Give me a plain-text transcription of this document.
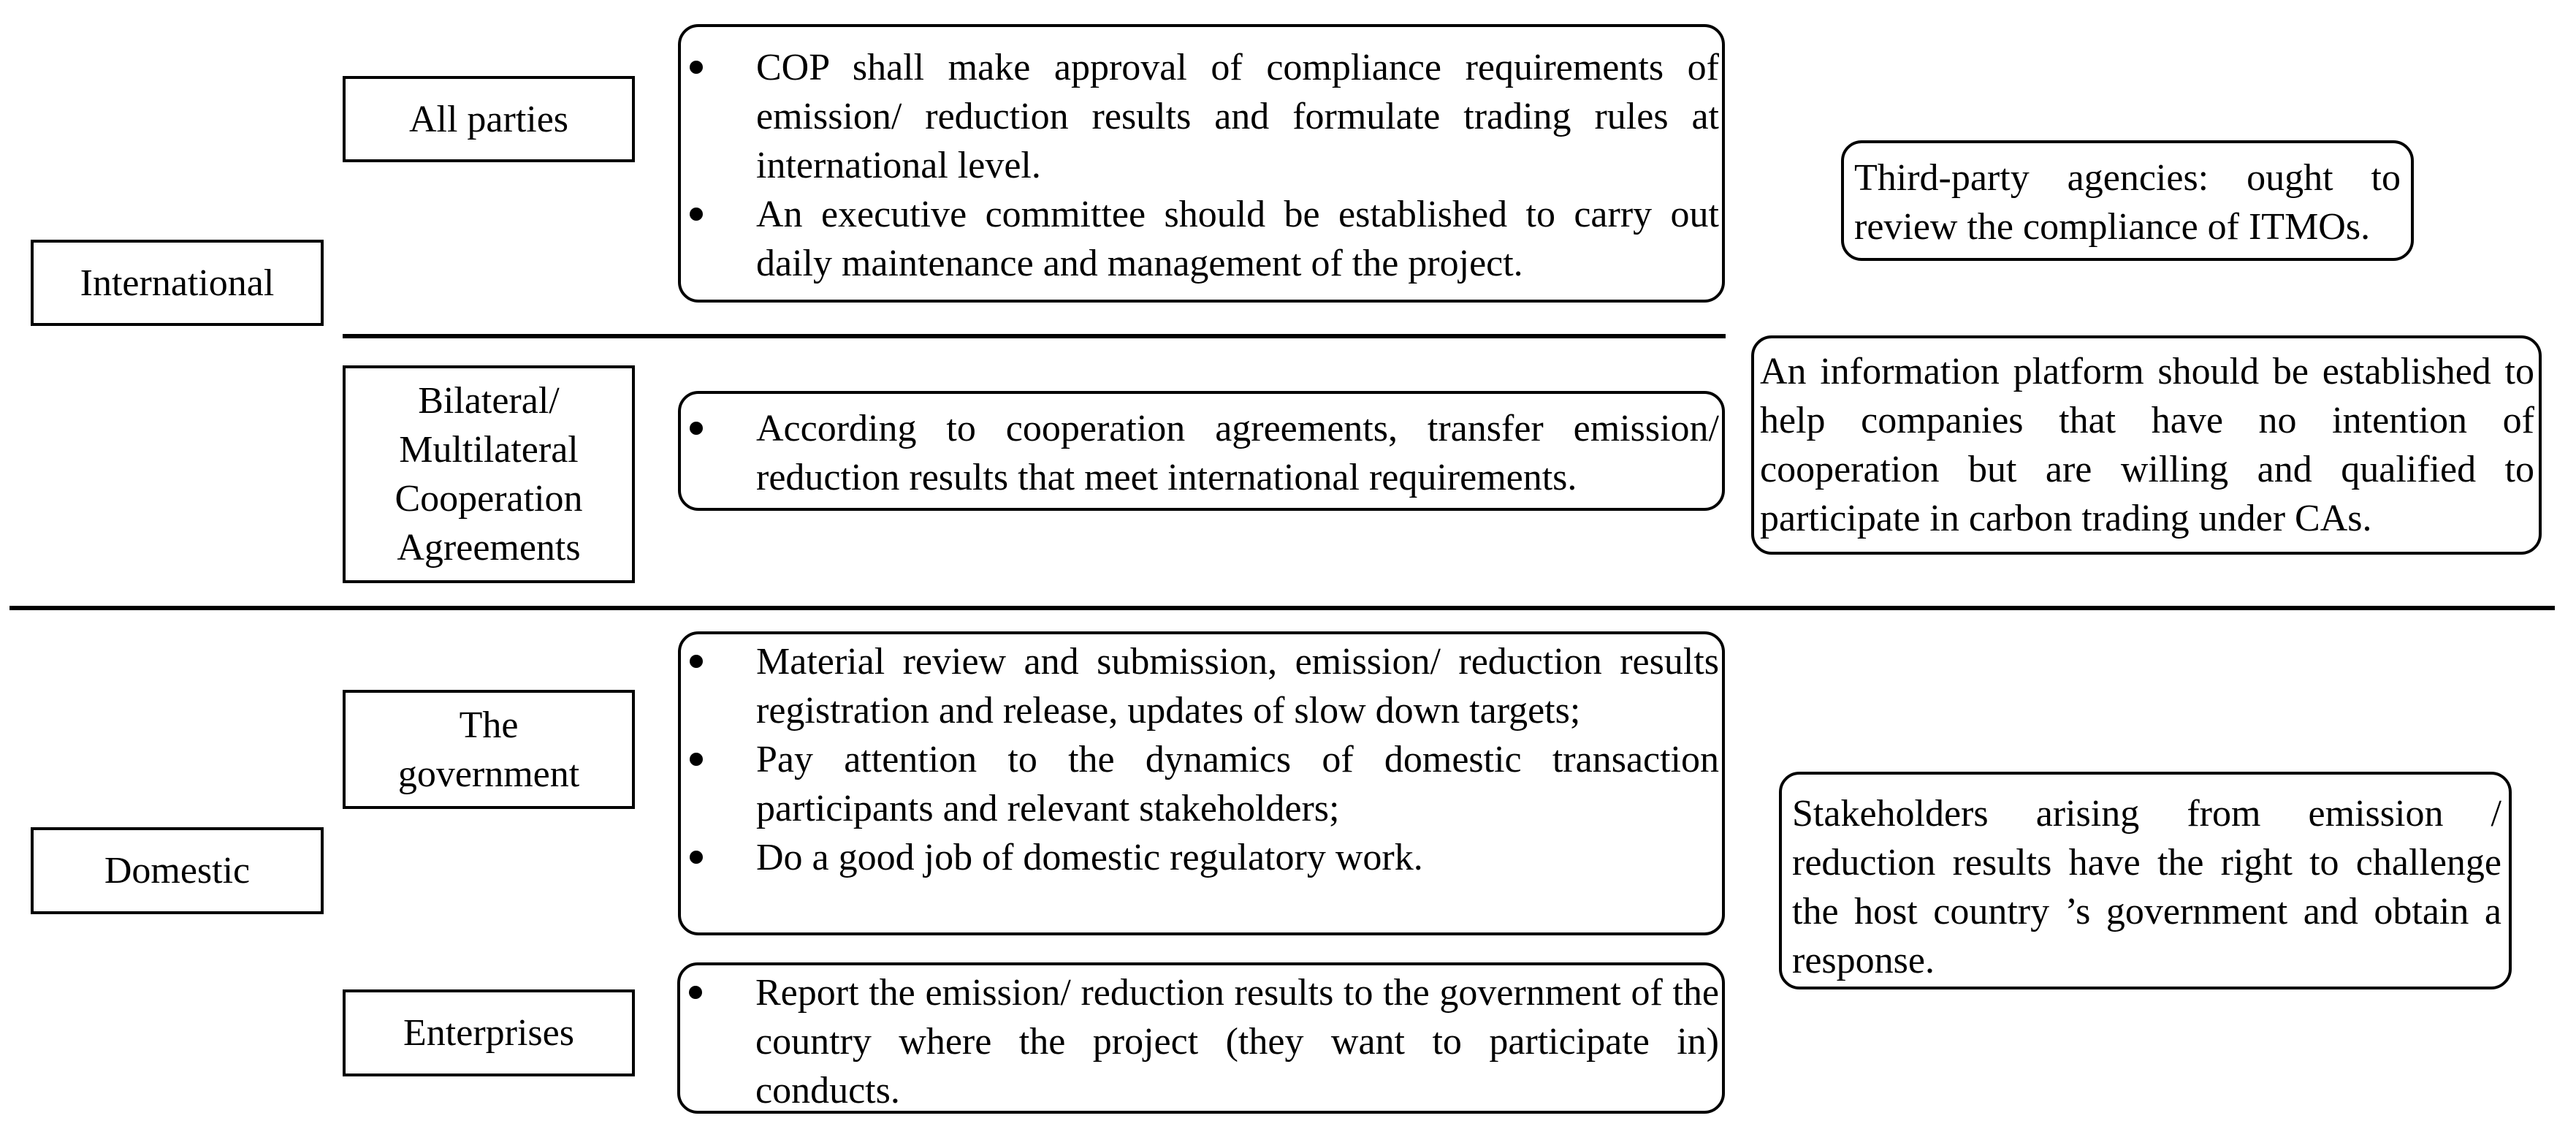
International
Domestic
All parties
Bilateral/
Multilateral
Cooperation
Agreements
The
government
Enterprises
COP shall make approval of compliance requirements of emission/ reduction results and formulate trading rules at international level.
An executive committee should be established to carry out daily maintenance and management of the project.
According to cooperation agreements, transfer emission/ reduction results that meet international requirements.
Material review and submission, emission/ reduction results registration and release, updates of slow down targets;
Pay attention to the dynamics of domestic transaction participants and relevant stakeholders;
Do a good job of domestic regulatory work.
Report the emission/ reduction results to the government of the country where the project (they want to participate in) conducts.
Third-party agencies: ought to review the compliance of ITMOs.
An information platform should be established to help companies that have no intention of cooperation but are willing and qualified to participate in carbon trading under CAs.
Stakeholders arising from emission / reduction results have the right to challenge the host country ’s government and obtain a response.
